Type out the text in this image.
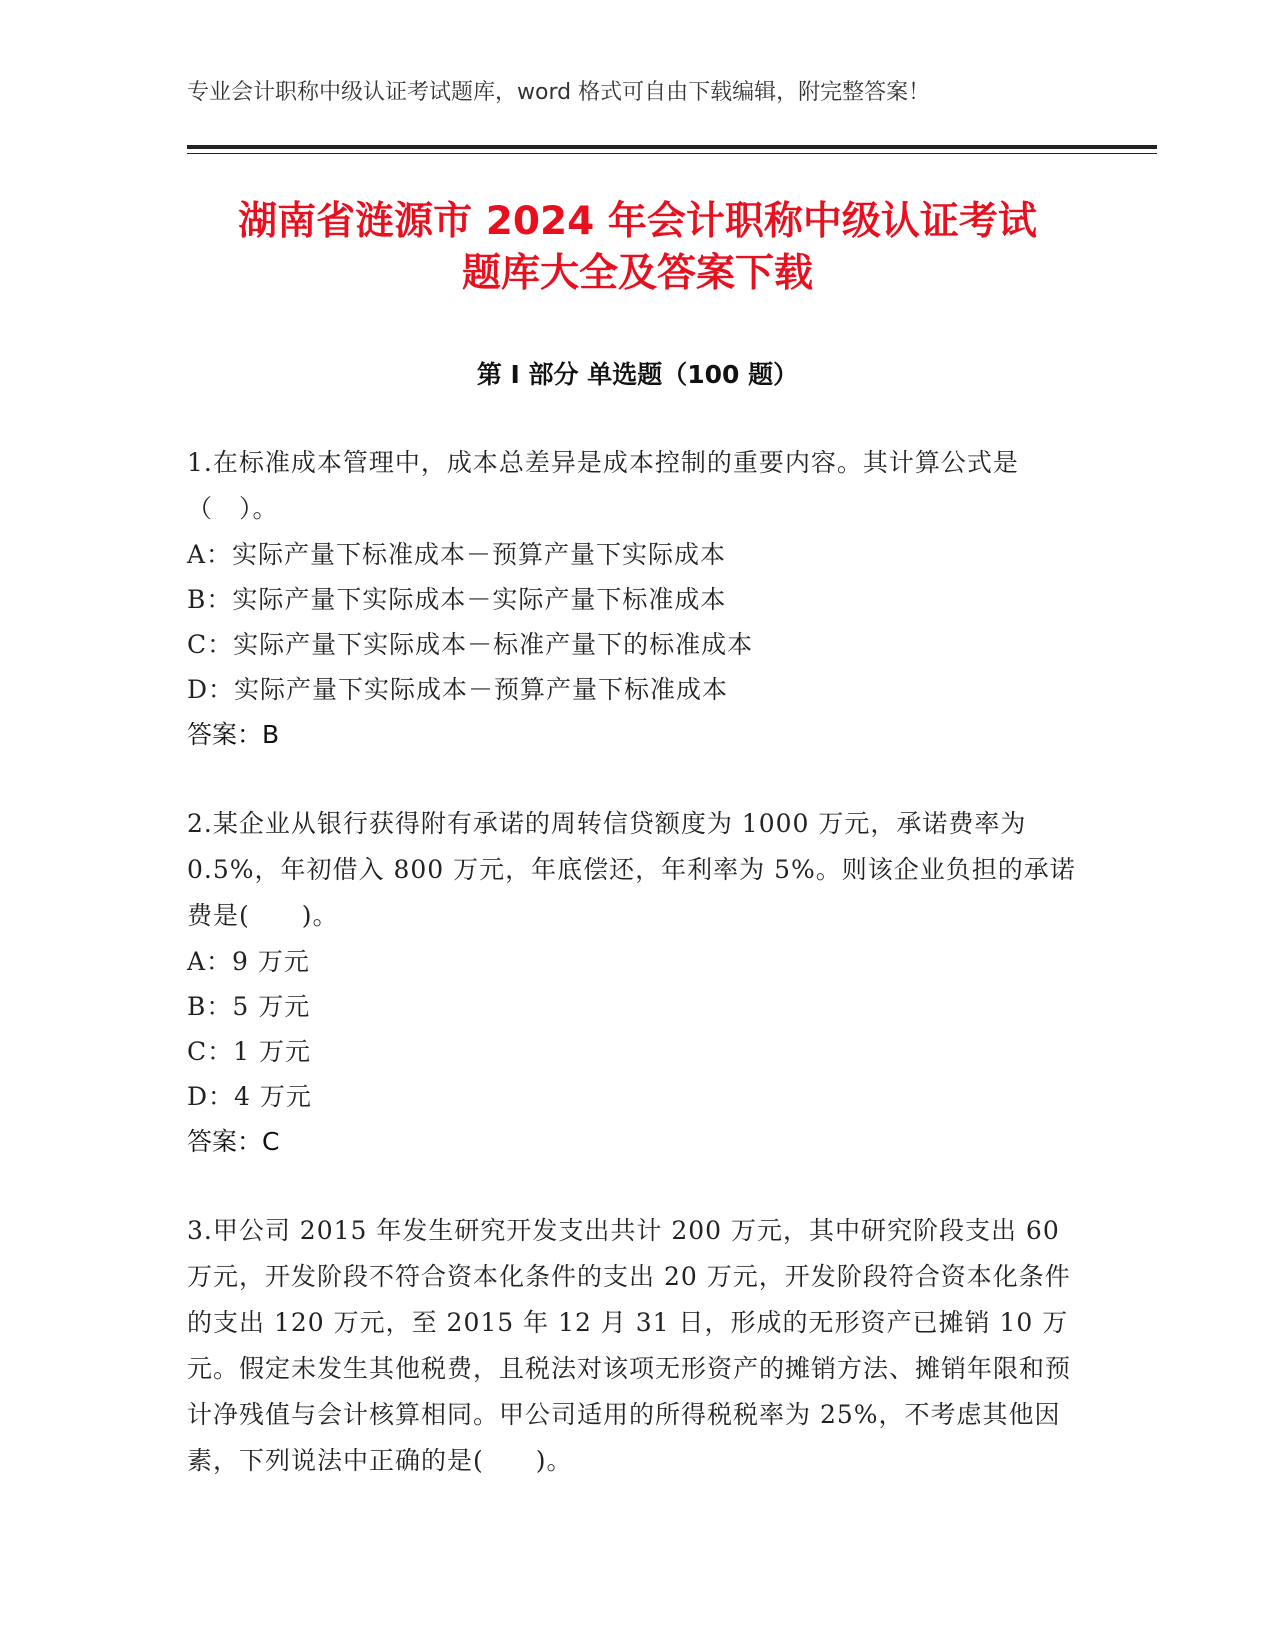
专业会计职称中级认证考试题库，word 格式可自由下载编辑，附完整答案！
湖南省涟源市 2024 年会计职称中级认证考试
题库大全及答案下载
第 I 部分 单选题（100 题）
1.在标准成本管理中，成本总差异是成本控制的重要内容。其计算公式是（　）。
A：实际产量下标准成本－预算产量下实际成本
B：实际产量下实际成本－实际产量下标准成本
C：实际产量下实际成本－标准产量下的标准成本
D：实际产量下实际成本－预算产量下标准成本
答案：B
2.某企业从银行获得附有承诺的周转信贷额度为 1000 万元，承诺费率为 0.5%，年初借入 800 万元，年底偿还，年利率为 5%。则该企业负担的承诺费是(　　)。
A：9 万元
B：5 万元
C：1 万元
D：4 万元
答案：C
3.甲公司 2015 年发生研究开发支出共计 200 万元，其中研究阶段支出 60 万元，开发阶段不符合资本化条件的支出 20 万元，开发阶段符合资本化条件的支出 120 万元，至 2015 年 12 月 31 日，形成的无形资产已摊销 10 万元。假定未发生其他税费，且税法对该项无形资产的摊销方法、摊销年限和预计净残值与会计核算相同。甲公司适用的所得税税率为 25%，不考虑其他因素，下列说法中正确的是(　　)。
